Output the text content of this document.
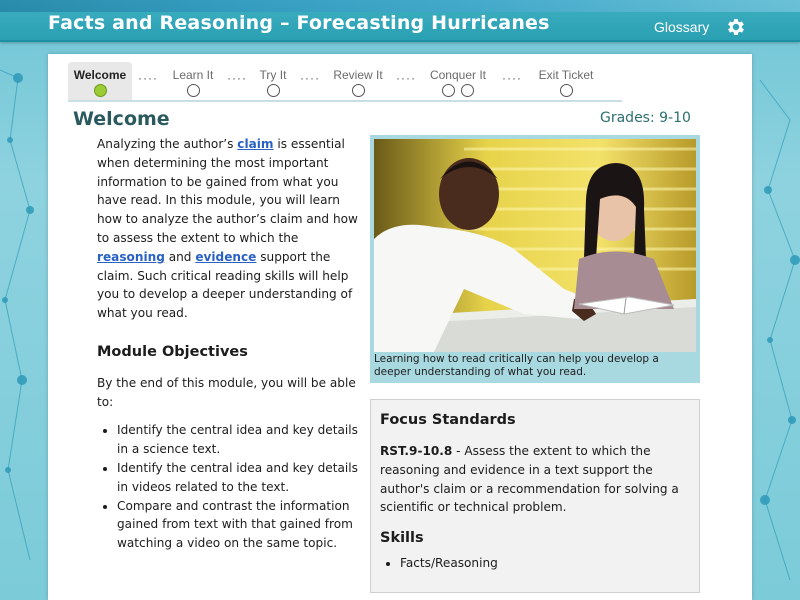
Facts and Reasoning – Forecasting Hurricanes	Glossary
Welcome ····	Learn It	····	Try It	····	Review It	····	Conquer It	····	Exit Ticket
Welcome	Grades: 9-10

Analyzing the author’s claim is essential when determining the most important information to be gained from what you have read. In this module, you will learn how to analyze the author’s claim and how to assess the extent to which the reasoning and evidence support the claim. Such critical reading skills will help you to develop a deeper understanding of what you read.

Module Objectives

By the end of this module, you will be able to:

• Identify the central idea and key details in a science text.
• Identify the central idea and key details in videos related to the text.
• Compare and contrast the information gained from text with that gained from watching a video on the same topic.
Learning how to read critically can help you develop a deeper understanding of what you read.
Focus Standards

RST.9-10.8 - Assess the extent to which the reasoning and evidence in a text support the author's claim or a recommendation for solving a scientific or technical problem.

Skills
• Facts/Reasoning
